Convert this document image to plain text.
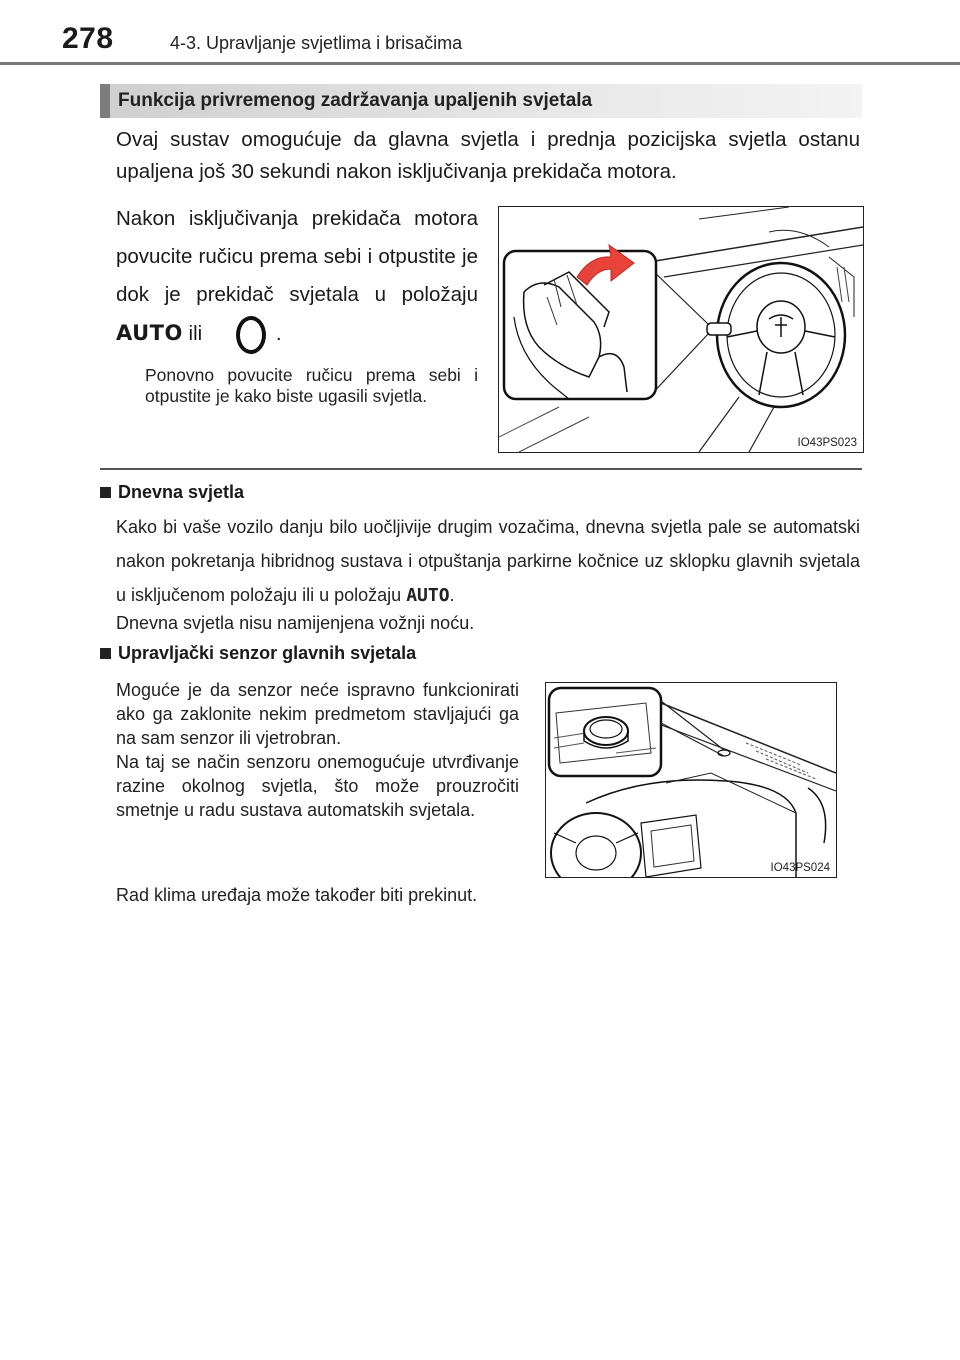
278	4-3. Upravljanje svjetlima i brisačima
Funkcija privremenog zadržavanja upaljenih svjetala
Ovaj sustav omogućuje da glavna svjetla i prednja pozicijska svjetla ostanu upaljena još 30 sekundi nakon isključivanja prekidača motora.
Nakon isključivanja prekidača motora povucite ručicu prema sebi i otpustite je dok je prekidač svjetala u položaju AUTO ili	.
Ponovno povucite ručicu prema sebi i otpustite je kako biste ugasili svjetla.
IO43PS023
Dnevna svjetla
Kako bi vaše vozilo danju bilo uočljivije drugim vozačima, dnevna svjetla pale se automatski nakon pokretanja hibridnog sustava i otpuštanja parkirne kočnice uz sklopku glavnih svjetala u isključenom položaju ili u položaju AUTO.
Dnevna svjetla nisu namijenjena vožnji noću.
Upravljački senzor glavnih svjetala
Moguće je da senzor neće ispravno funkcionirati ako ga zaklonite nekim predmetom stavljajući ga na sam senzor ili vjetrobran.
Na taj se način senzoru onemogućuje utvrđivanje razine okolnog svjetla, što može prouzročiti smetnje u radu sustava automatskih svjetala.
Rad klima uređaja može također biti prekinut.
IO43PS024
